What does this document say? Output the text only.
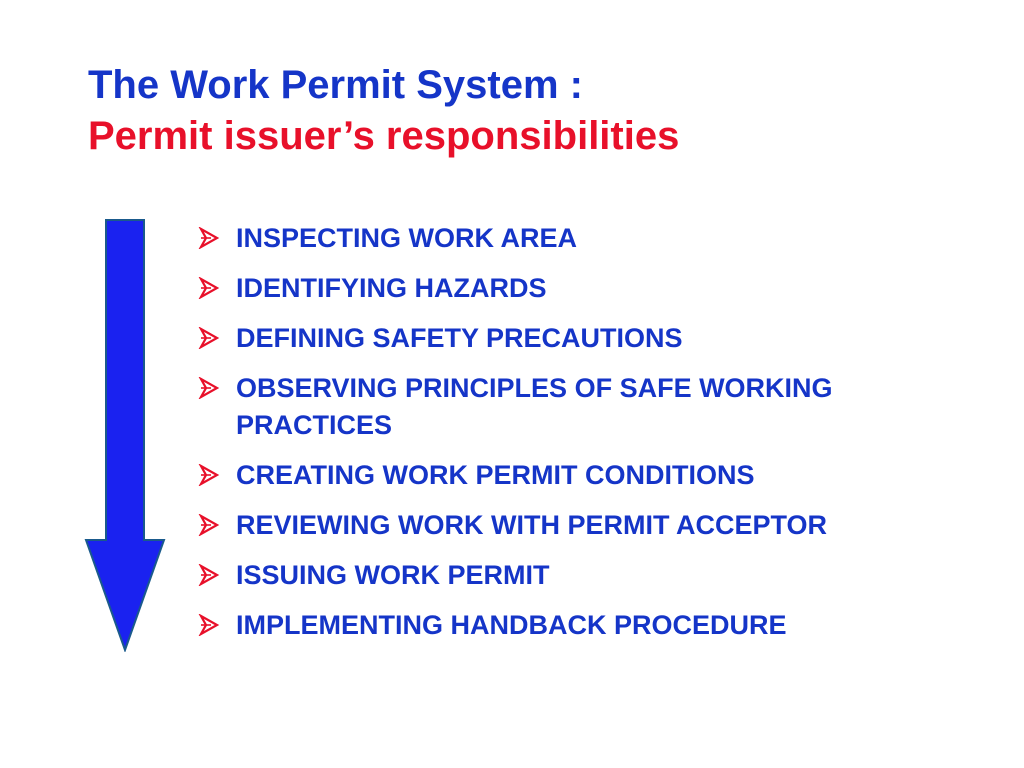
The Work Permit System :
Permit issuer’s responsibilities
INSPECTING WORK AREA
IDENTIFYING HAZARDS
DEFINING SAFETY PRECAUTIONS
OBSERVING PRINCIPLES OF SAFE WORKING
PRACTICES
CREATING WORK PERMIT CONDITIONS
REVIEWING WORK WITH PERMIT ACCEPTOR
ISSUING WORK PERMIT
IMPLEMENTING HANDBACK PROCEDURE
